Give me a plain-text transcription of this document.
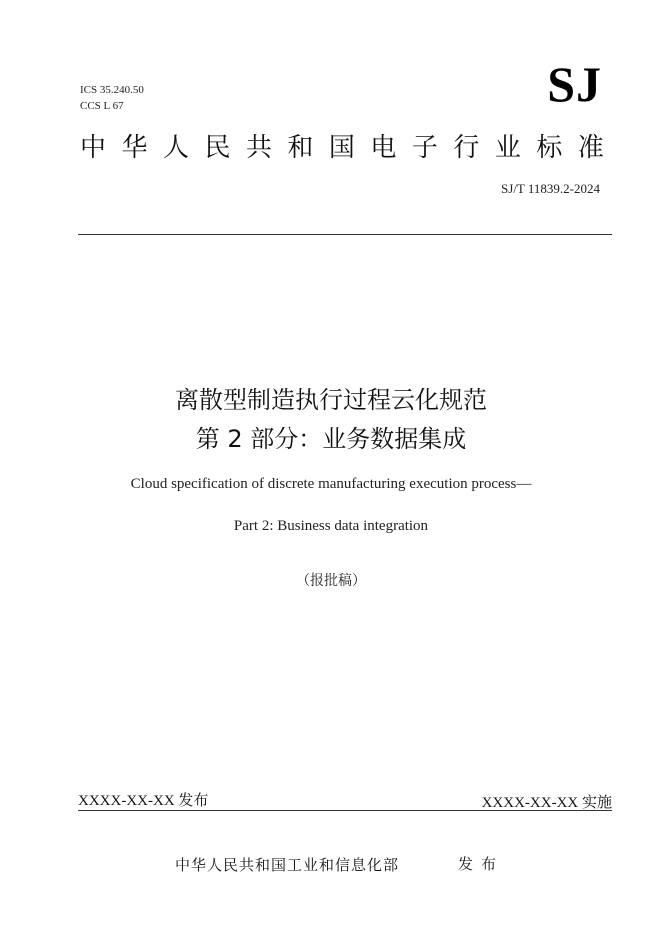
ICS 35.240.50
CCS L 67	SJ
中 华 人 民 共 和 国 电 子 行 业 标 准
SJ/T 11839.2-2024
离散型制造执行过程云化规范
第 2 部分：业务数据集成
Cloud specification of discrete manufacturing execution process—
Part 2: Business data integration
（报批稿）
XXXX-XX-XX 发布	XXXX-XX-XX 实施
中华人民共和国工业和信息化部	发布
